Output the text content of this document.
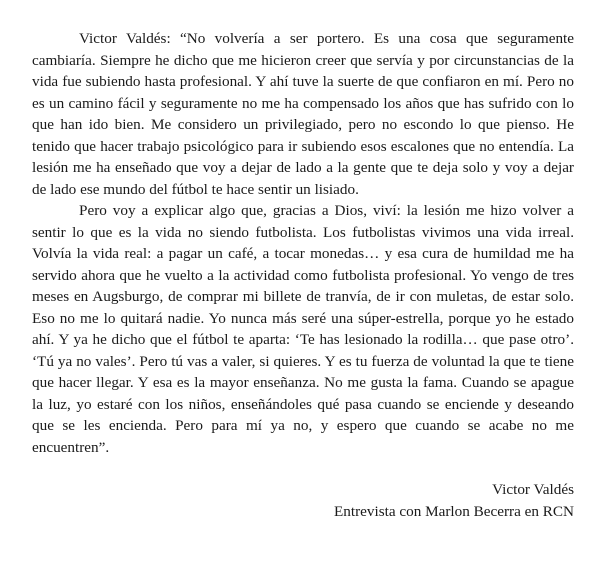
Victor Valdés: “No volvería a ser portero. Es una cosa que seguramente cambiaría. Siempre he dicho que me hicieron creer que servía y por circunstancias de la vida fue subiendo hasta profesional. Y ahí tuve la suerte de que confiaron en mí. Pero no es un camino fácil y seguramente no me ha compensado los años que has sufrido con lo que han ido bien. Me considero un privilegiado, pero no escondo lo que pienso. He tenido que hacer trabajo psicológico para ir subiendo esos escalones que no entendía. La lesión me ha enseñado que voy a dejar de lado a la gente que te deja solo y voy a dejar de lado ese mundo del fútbol te hace sentir un lisiado.

Pero voy a explicar algo que, gracias a Dios, viví: la lesión me hizo volver a sentir lo que es la vida no siendo futbolista. Los futbolistas vivimos una vida irreal. Volvía la vida real: a pagar un café, a tocar monedas… y esa cura de humildad me ha servido ahora que he vuelto a la actividad como futbolista profesional. Yo vengo de tres meses en Augsburgo, de comprar mi billete de tranvía, de ir con muletas, de estar solo. Eso no me lo quitará nadie. Yo nunca más seré una súper-estrella, porque yo he estado ahí. Y ya he dicho que el fútbol te aparta: ‘Te has lesionado la rodilla… que pase otro’. ‘Tú ya no vales’. Pero tú vas a valer, si quieres. Y es tu fuerza de voluntad la que te tiene que hacer llegar. Y esa es la mayor enseñanza. No me gusta la fama. Cuando se apague la luz, yo estaré con los niños, enseñándoles qué pasa cuando se enciende y deseando que se les encienda. Pero para mí ya no, y espero que cuando se acabe no me encuentren”.

Victor Valdés
Entrevista con Marlon Becerra en RCN
